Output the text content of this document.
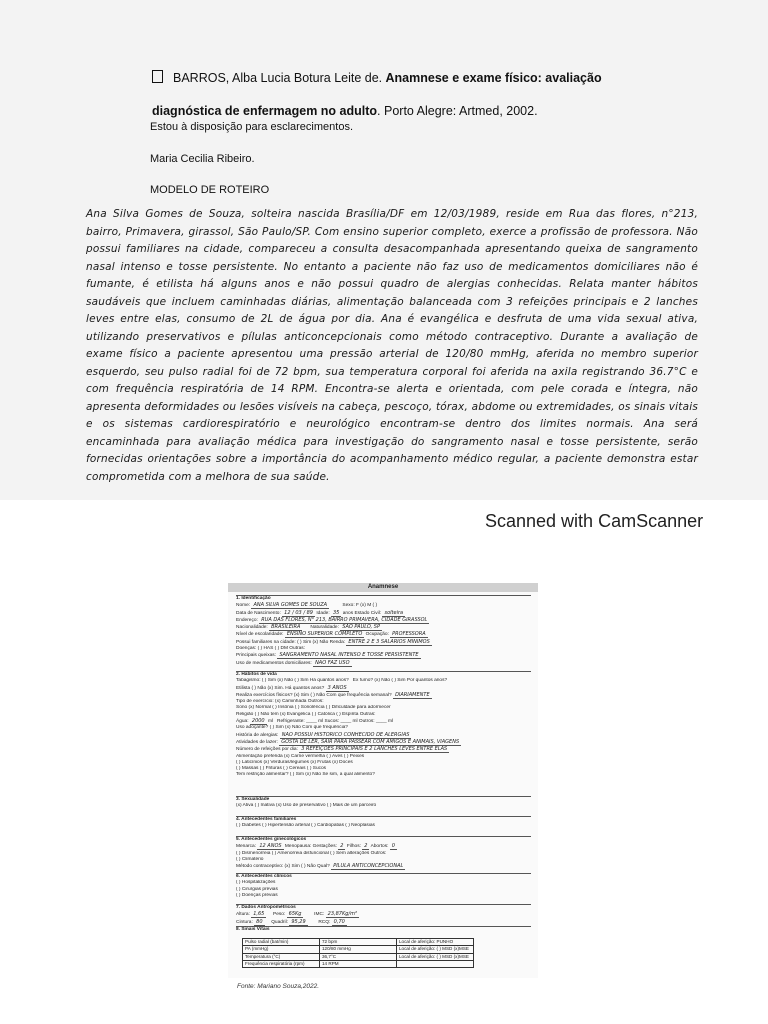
BARROS, Alba Lucia Botura Leite de. Anamnese e exame físico: avaliação diagnóstica de enfermagem no adulto. Porto Alegre: Artmed, 2002.
Estou à disposição para esclarecimentos.
Maria Cecilia Ribeiro.
MODELO DE ROTEIRO
Ana Silva Gomes de Souza, solteira nascida Brasília/DF em 12/03/1989, reside em Rua das flores, n°213, bairro, Primavera, girassol, São Paulo/SP. Com ensino superior completo, exerce a profissão de professora. Não possui familiares na cidade, compareceu a consulta desacompanhada apresentando queixa de sangramento nasal intenso e tosse persistente. No entanto a paciente não faz uso de medicamentos domiciliares não é fumante, é etilista há alguns anos e não possui quadro de alergias conhecidas. Relata manter hábitos saudáveis que incluem caminhadas diárias, alimentação balanceada com 3 refeições principais e 2 lanches leves entre elas, consumo de 2L de água por dia. Ana é evangélica e desfruta de uma vida sexual ativa, utilizando preservativos e pílulas anticoncepcionais como método contraceptivo. Durante a avaliação de exame físico a paciente apresentou uma pressão arterial de 120/80 mmHg, aferida no membro superior esquerdo, seu pulso radial foi de 72 bpm, sua temperatura corporal foi aferida na axila registrando 36.7°C e com frequência respiratória de 14 RPM. Encontra-se alerta e orientada, com pele corada e íntegra, não apresenta deformidades ou lesões visíveis na cabeça, pescoço, tórax, abdome ou extremidades, os sinais vitais e os sistemas cardiorespiratório e neurológico encontram-se dentro dos limites normais. Ana será encaminhada para avaliação médica para investigação do sangramento nasal e tosse persistente, serão fornecidas orientações sobre a importância do acompanhamento médico regular, a paciente demonstra estar comprometida com a melhora de sua saúde.
Scanned with CamScanner
Anamnese
1. Identificação
Nome: ANA SILVA GOMES DE SOUZA	Sexo: F (x) M ( )
Data de Nascimento: 12 / 03 / 89 Idade: 35 anos Estado Civil: solteira
Endereço: RUA DAS FLORES, N° 213, BAIRRO PRIMAVERA, CIDADE GIRASSOL
Nacionalidade: BRASILEIRA Naturalidade: SÃO PAULO, SP
Nível de escolaridade: ENSINO SUPERIOR COMPLETO Ocupação: PROFESSORA
Possui familiares na cidade: ( ) Sim (x) Não Renda: ENTRE 2 E 3 SALÁRIOS MÍNIMOS
Doenças: ( ) HAS ( ) DM Outras:
Principais queixas: SANGRAMENTO NASAL INTENSO E TOSSE PERSISTENTE
Uso de medicamentos domiciliares: NÃO FAZ USO
2. Hábitos de vida
Tabagismo: ( ) Sim (x) Não ( ) Sim Há quantos anos? Ex fumo? (x) Não ( ) Sim Por quantos anos?
Etilista ( ) Não (x) Sim. Há quantos anos? 3 ANOS
Realiza exercícios físicos? (x) Sim ( ) Não Com que frequência semanal? DIARIAMENTE
Tipo de exercício: (x) Caminhada Outros:
Sono (x) Normal ( ) Insônia ( ) Sonolência ( ) Dificuldade para adormecer
Religião ( ) Não tem (x) Evangélica ( ) Católica ( ) Espírita Outras:
Água: 2000 ml Refrigerante: ____ ml Sucos: ____ ml Outros: ____ ml
Uso adoçante? ( ) Sim (x) Não Com que frequência?
História de alergias: NÃO POSSUI HISTÓRICO CONHECIDO DE ALERGIAS
Atividades de lazer: GOSTA DE LER, SAIR PARA PASSEAR COM AMIGOS E ANIMAIS, VIAGENS
Número de refeições por dia: 3 REFEIÇÕES PRINCIPAIS E 2 LANCHES LEVES ENTRE ELAS
Alimentação preferida (x) Carne vermelha ( ) Aves ( ) Peixes
( ) Laticínios (x) Verduras/legumes (x) Frutas (x) Doces
( ) Massas ( ) Frituras ( ) Cereais ( ) Sucos
Tem restrição alimentar? ( ) Sim (x) Não Se sim, a qual alimento?
3. Sexualidade
(x) Ativa ( ) Inativa (x) Uso de preservativo ( ) Mais de um parceiro
4. Antecedentes familiares
( ) Diabetes ( ) Hipertensão arterial ( ) Cardiopatias ( ) Neoplasias
5. Antecedentes ginecológicos
Menarca: 12 ANOS Menopausa: Gestações: 2 Filhos: 2 Abortos: 0
( ) Dismenorreia ( ) Amenorreia disfuncional ( ) Sem alterações Outros:
( ) Climatério
Método contraceptivo: (x) Sim ( ) Não Qual? PÍLULA ANTICONCEPCIONAL
6. Antecedentes clínicos
( ) Hospitalizações
( ) Cirurgias prévias
( ) Doenças prévias
7. Dados Antropométricos
Altura: 1,65 Peso: 65Kg	IMC: 23,87Kg/m²
Cintura: 80 Quadril: 95,29	RCQ: 0,70
8. Sinais Vitais
Pulso radial (bat/min)	72 bpm	Local de aferição: PUNHO
PA (mmHg)	120/80 mmHg	Local de aferição: ( ) MSD (x)MSE
Temperatura (°C)	36,7°C	Local de aferição: ( ) MSD (x)MSE
Frequência respiratória (rpm)	14 RPM	
Fonte: Mariano Souza,2022.
